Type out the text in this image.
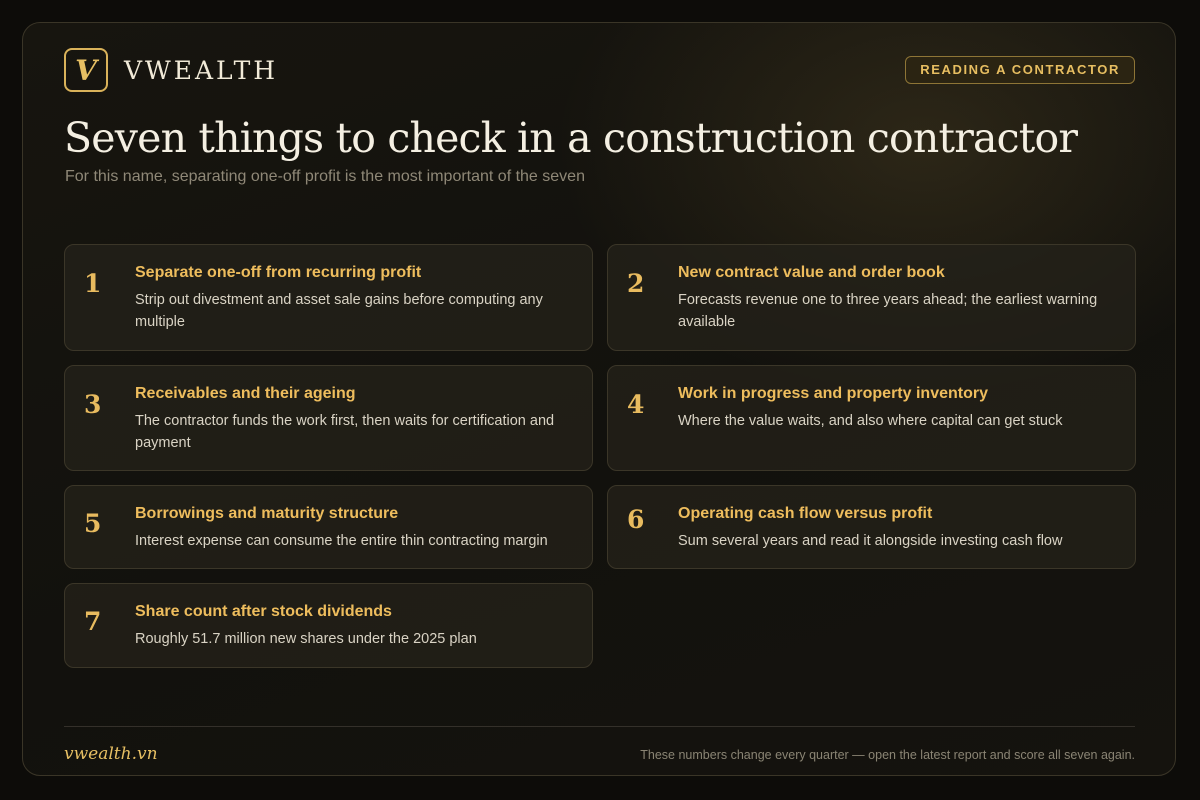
V VWEALTH	READING A CONTRACTOR
Seven things to check in a construction contractor
For this name, separating one-off profit is the most important of the seven
1 Separate one-off from recurring profit
Strip out divestment and asset sale gains before computing any multiple
2 New contract value and order book
Forecasts revenue one to three years ahead; the earliest warning available
3 Receivables and their ageing
The contractor funds the work first, then waits for certification and payment
4 Work in progress and property inventory
Where the value waits, and also where capital can get stuck
5 Borrowings and maturity structure
Interest expense can consume the entire thin contracting margin
6 Operating cash flow versus profit
Sum several years and read it alongside investing cash flow
7 Share count after stock dividends
Roughly 51.7 million new shares under the 2025 plan
vwealth.vn	These numbers change every quarter — open the latest report and score all seven again.
